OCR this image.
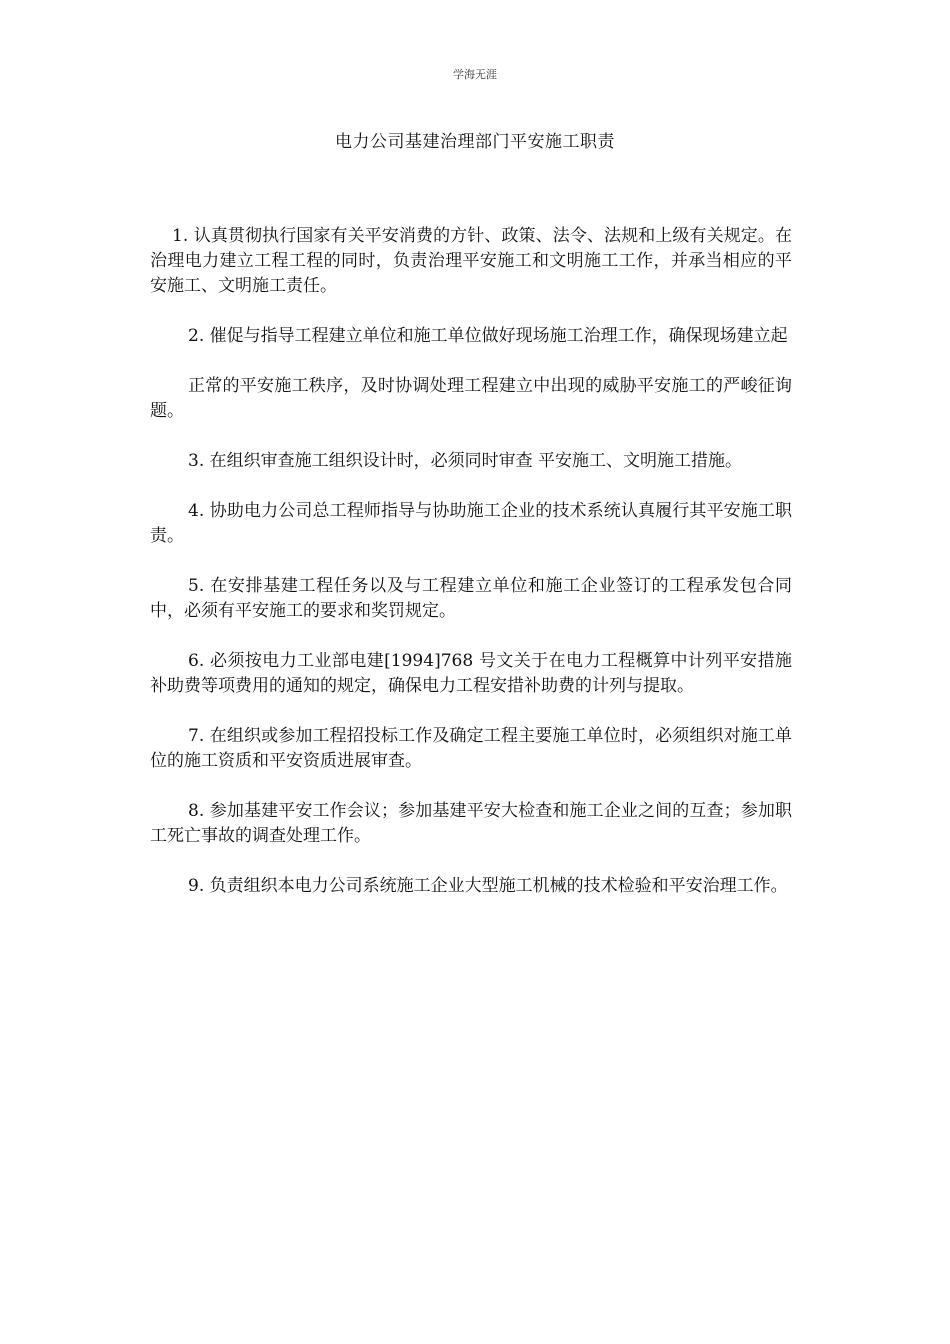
学海无涯
电力公司基建治理部门平安施工职责

1. 认真贯彻执行国家有关平安消费的方针、政策、法令、法规和上级有关规定。在治理电力建立工程工程的同时，负责治理平安施工和文明施工工作，并承当相应的平安施工、文明施工责任。

2. 催促与指导工程建立单位和施工单位做好现场施工治理工作，确保现场建立起

正常的平安施工秩序，及时协调处理工程建立中出现的威胁平安施工的严峻征询题。

3. 在组织审查施工组织设计时，必须同时审查 平安施工、文明施工措施。

4. 协助电力公司总工程师指导与协助施工企业的技术系统认真履行其平安施工职责。

5. 在安排基建工程任务以及与工程建立单位和施工企业签订的工程承发包合同中，必须有平安施工的要求和奖罚规定。

6. 必须按电力工业部电建[1994]768 号文关于在电力工程概算中计列平安措施补助费等项费用的通知的规定，确保电力工程安措补助费的计列与提取。

7. 在组织或参加工程招投标工作及确定工程主要施工单位时，必须组织对施工单位的施工资质和平安资质进展审查。

8. 参加基建平安工作会议；参加基建平安大检查和施工企业之间的互查；参加职工死亡事故的调查处理工作。

9. 负责组织本电力公司系统施工企业大型施工机械的技术检验和平安治理工作。
